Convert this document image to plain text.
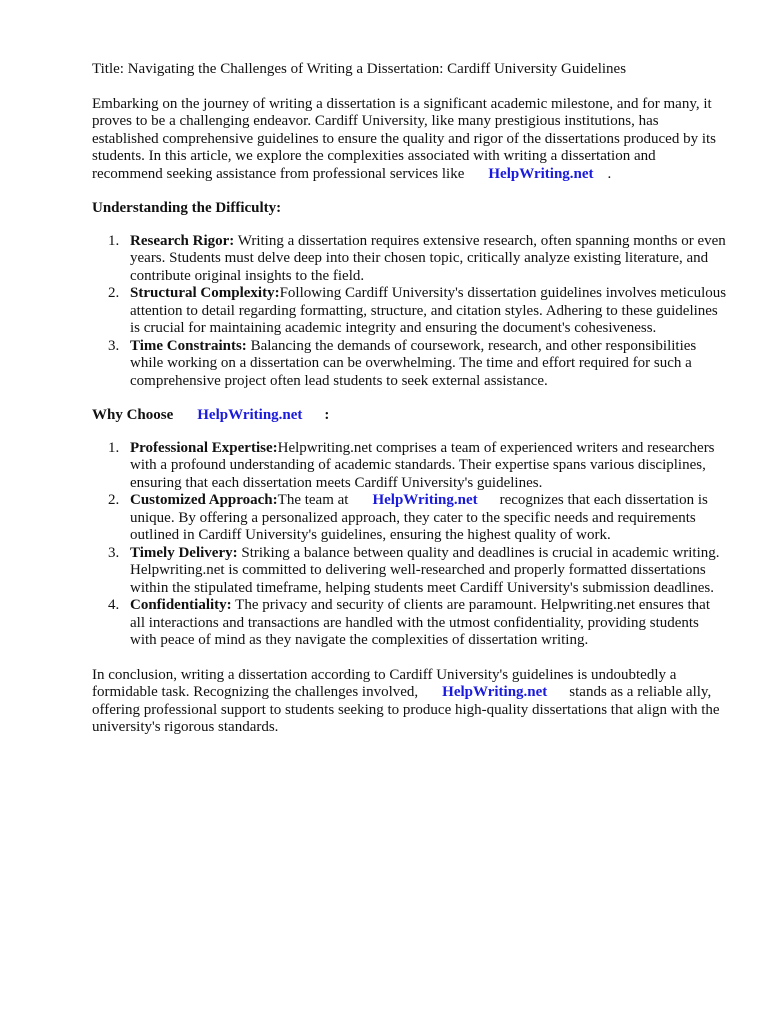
Title: Navigating the Challenges of Writing a Dissertation: Cardiff University Guidelines

Embarking on the journey of writing a dissertation is a significant academic milestone, and for many, it proves to be a challenging endeavor. Cardiff University, like many prestigious institutions, has established comprehensive guidelines to ensure the quality and rigor of the dissertations produced by its students. In this article, we explore the complexities associated with writing a dissertation and recommend seeking assistance from professional services like HelpWriting.net .

Understanding the Difficulty:

1. Research Rigor: Writing a dissertation requires extensive research, often spanning months or even years. Students must delve deep into their chosen topic, critically analyze existing literature, and contribute original insights to the field.
2. Structural Complexity:Following Cardiff University's dissertation guidelines involves meticulous attention to detail regarding formatting, structure, and citation styles. Adhering to these guidelines is crucial for maintaining academic integrity and ensuring the document's cohesiveness.
3. Time Constraints: Balancing the demands of coursework, research, and other responsibilities while working on a dissertation can be overwhelming. The time and effort required for such a comprehensive project often lead students to seek external assistance.

Why Choose HelpWriting.net :

1. Professional Expertise:Helpwriting.net comprises a team of experienced writers and researchers with a profound understanding of academic standards. Their expertise spans various disciplines, ensuring that each dissertation meets Cardiff University's guidelines.
2. Customized Approach:The team at HelpWriting.net recognizes that each dissertation is unique. By offering a personalized approach, they cater to the specific needs and requirements outlined in Cardiff University's guidelines, ensuring the highest quality of work.
3. Timely Delivery: Striking a balance between quality and deadlines is crucial in academic writing. Helpwriting.net is committed to delivering well-researched and properly formatted dissertations within the stipulated timeframe, helping students meet Cardiff University's submission deadlines.
4. Confidentiality: The privacy and security of clients are paramount. Helpwriting.net ensures that all interactions and transactions are handled with the utmost confidentiality, providing students with peace of mind as they navigate the complexities of dissertation writing.

In conclusion, writing a dissertation according to Cardiff University's guidelines is undoubtedly a formidable task. Recognizing the challenges involved, HelpWriting.net stands as a reliable ally, offering professional support to students seeking to produce high-quality dissertations that align with the university's rigorous standards.
